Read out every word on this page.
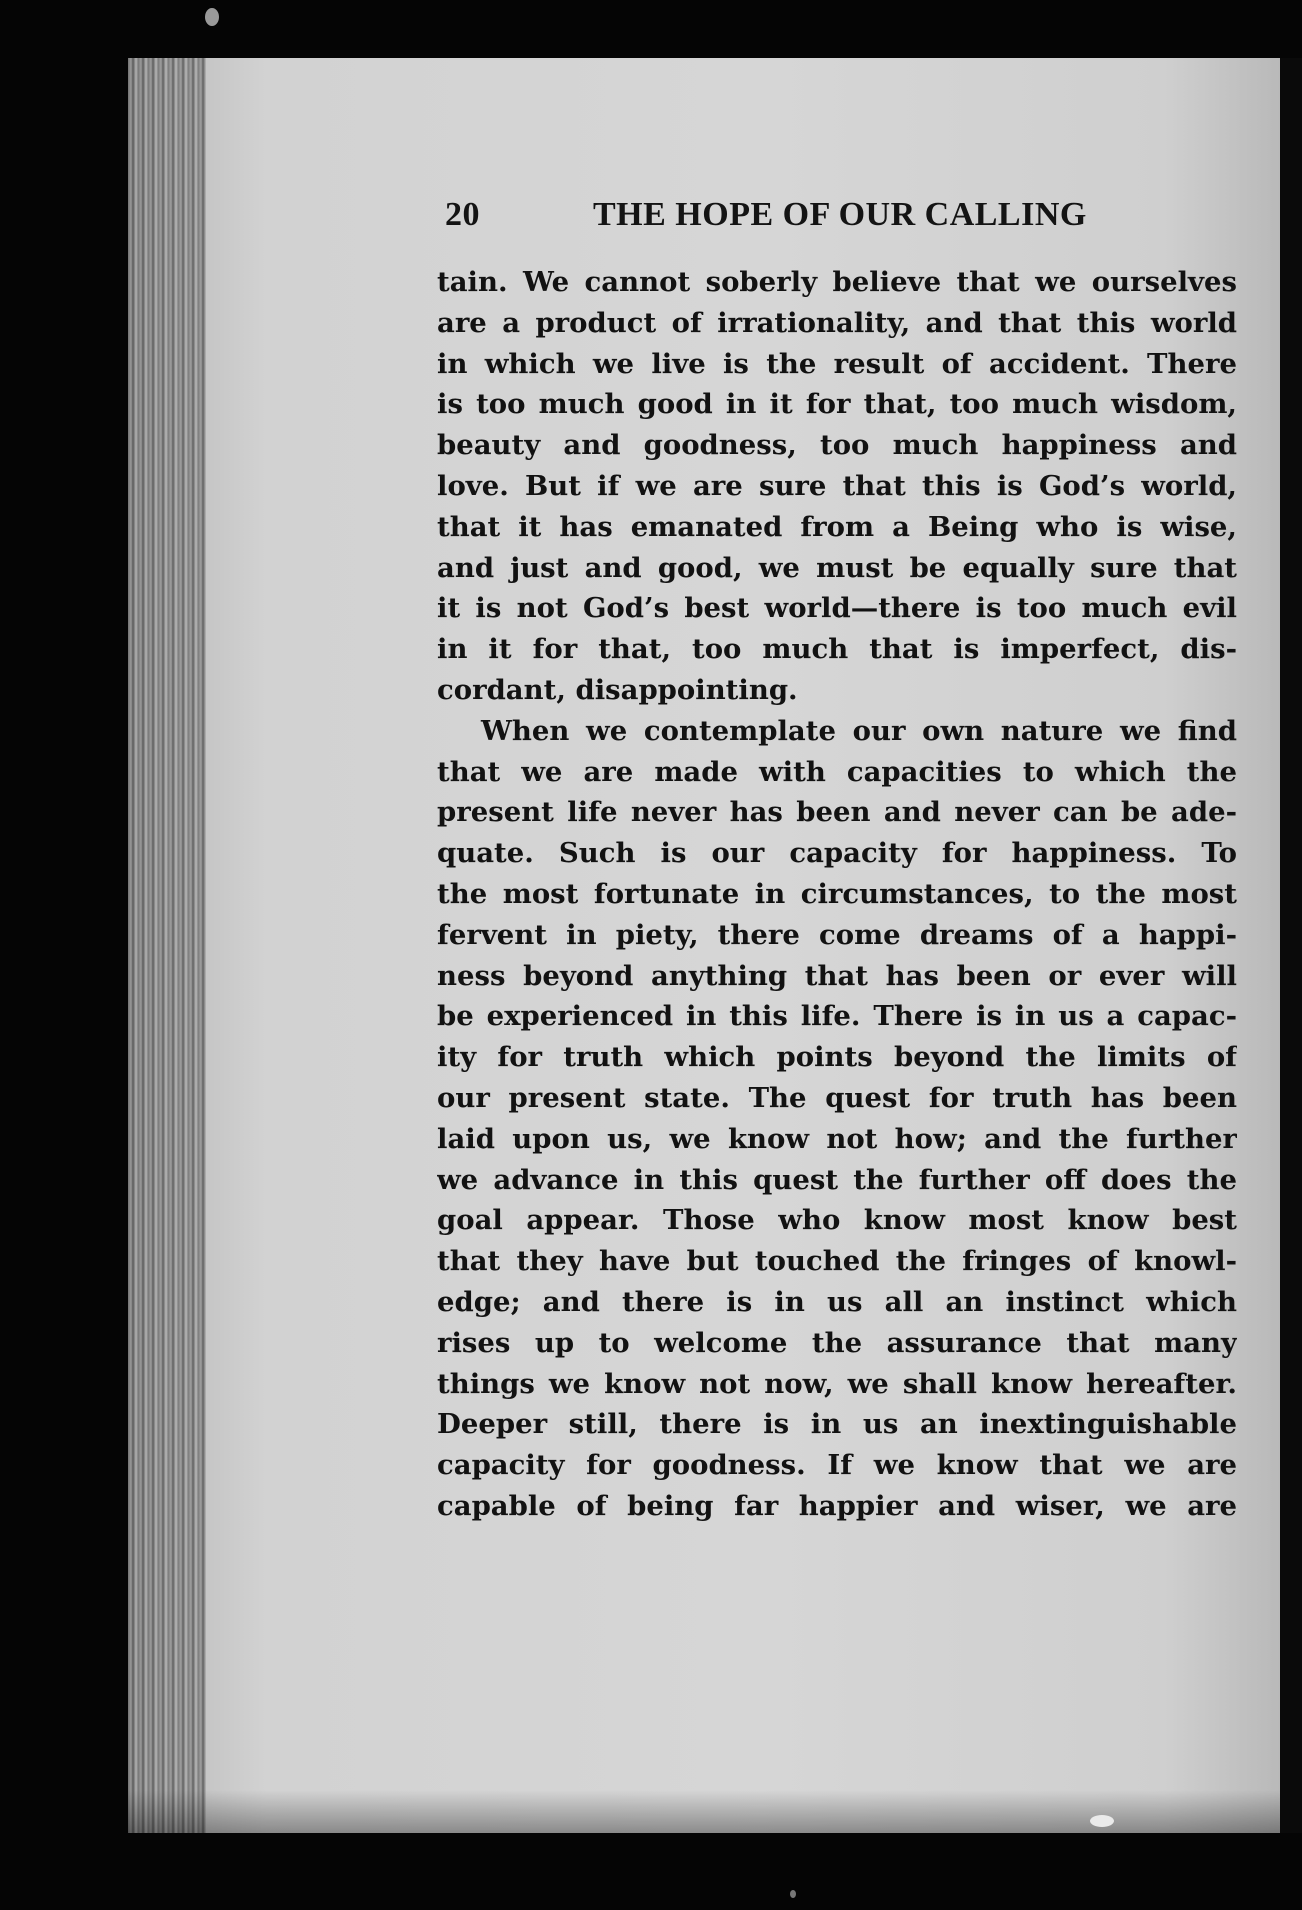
20	THE HOPE OF OUR CALLING
tain. We cannot soberly believe that we ourselves
are a product of irrationality, and that this world
in which we live is the result of accident. There
is too much good in it for that, too much wisdom,
beauty and goodness, too much happiness and
love. But if we are sure that this is God’s world,
that it has emanated from a Being who is wise,
and just and good, we must be equally sure that
it is not God’s best world—there is too much evil
in it for that, too much that is imperfect, dis-
cordant, disappointing.
When we contemplate our own nature we find
that we are made with capacities to which the
present life never has been and never can be ade-
quate. Such is our capacity for happiness. To
the most fortunate in circumstances, to the most
fervent in piety, there come dreams of a happi-
ness beyond anything that has been or ever will
be experienced in this life. There is in us a capac-
ity for truth which points beyond the limits of
our present state. The quest for truth has been
laid upon us, we know not how; and the further
we advance in this quest the further off does the
goal appear. Those who know most know best
that they have but touched the fringes of knowl-
edge; and there is in us all an instinct which
rises up to welcome the assurance that many
things we know not now, we shall know hereafter.
Deeper still, there is in us an inextinguishable
capacity for goodness. If we know that we are
capable of being far happier and wiser, we are
